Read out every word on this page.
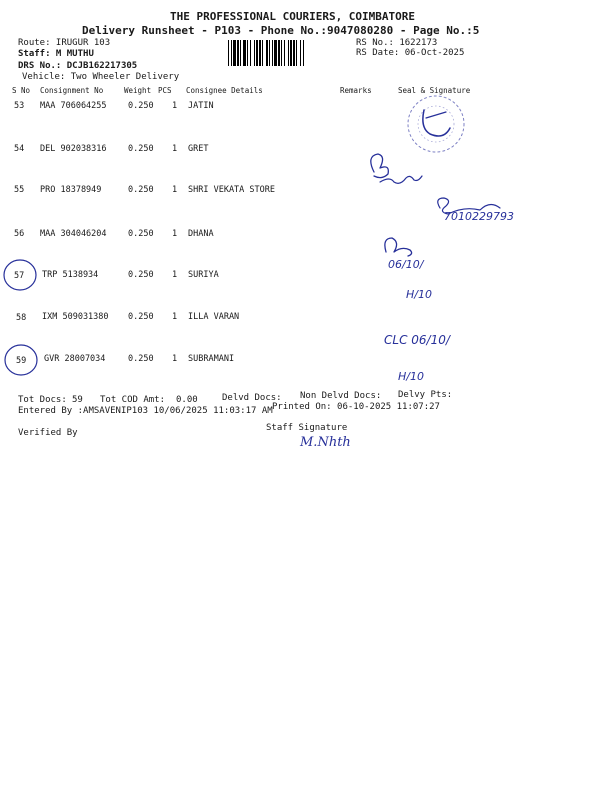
THE PROFESSIONAL COURIERS, COIMBATORE
Delivery Runsheet - P103 - Phone No.:9047080280 - Page No.:5
Route: IRUGUR 103
Staff: M MUTHU
DRS No.: DCJB162217305
Vehicle: Two Wheeler Delivery
RS No.: 1622173
RS Date: 06-Oct-2025
S No Consignment No	Weight PCS Consignee Details	Remarks	Seal & Signature
53 MAA 706064255	0.250 1 JATIN
54 DEL 902038316	0.250 1 GRET
55 PRO 18378949	0.250 1 SHRI VEKATA STORE
56 MAA 304046204	0.250 1 DHANA
57 TRP 5138934	0.250 1 SURIYA
58 IXM 509031380 0.250 1 ILLA VARAN
59 GVR 28007034	0.250 1 SUBRAMANI
7010229793
06/10/
H/10
CLC 06/10/
H/10
Tot Docs: 59 Tot COD Amt: 0.00	Delvd Docs: Non Delvd Docs: Delvy Pts:
Entered By :AMSAVENIP103 10/06/2025 11:03:17 AM Printed On: 06-10-2025 11:07:27
Verified By	Staff Signature
M.Nhth
